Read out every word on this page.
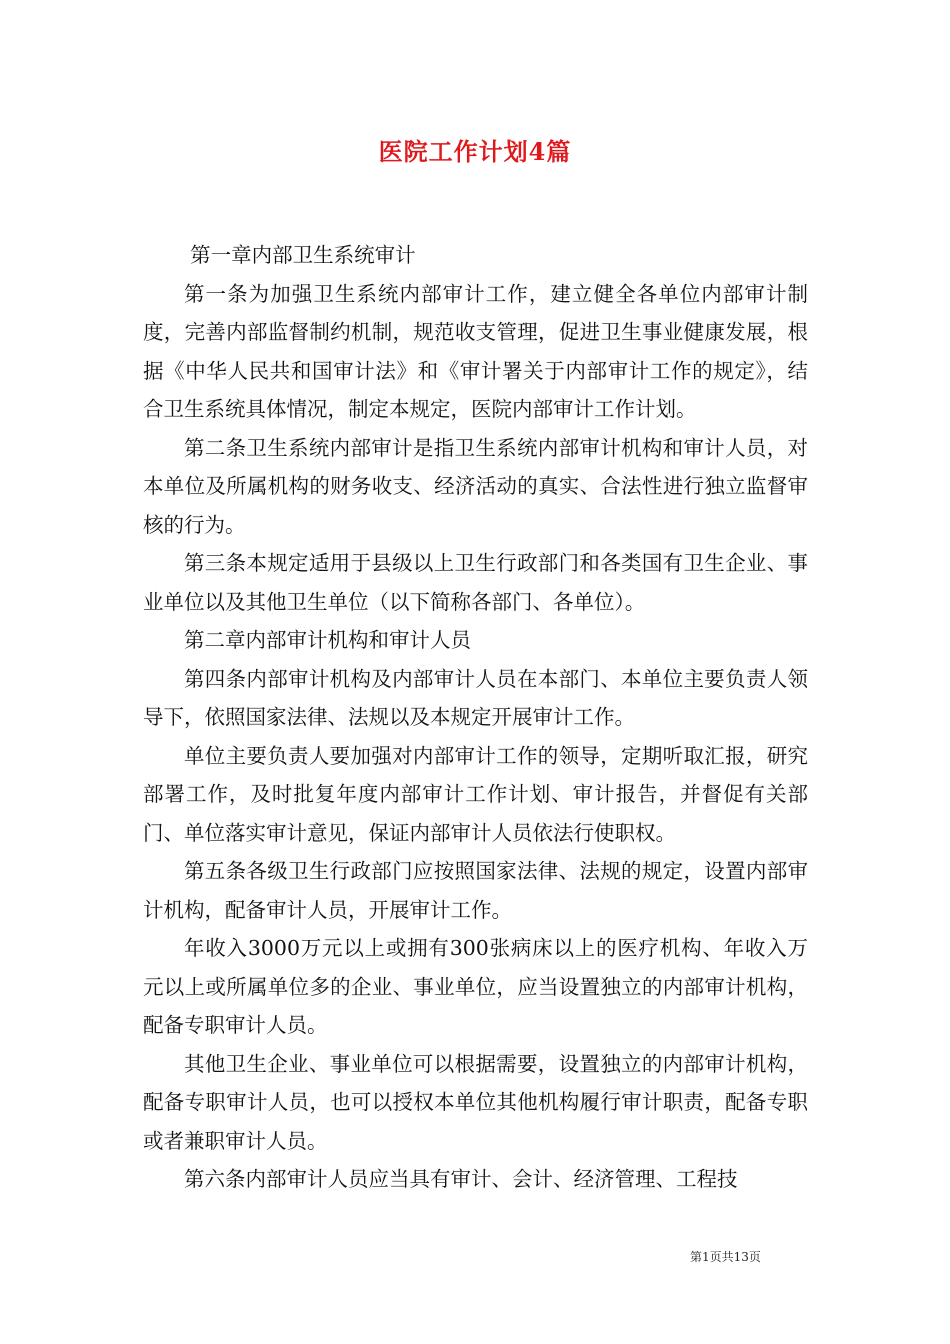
医院工作计划4篇

第一章内部卫生系统审计

第一条为加强卫生系统内部审计工作，建立健全各单位内部审计制度，完善内部监督制约机制，规范收支管理，促进卫生事业健康发展，根据《中华人民共和国审计法》和《审计署关于内部审计工作的规定》，结合卫生系统具体情况，制定本规定，医院内部审计工作计划。

第二条卫生系统内部审计是指卫生系统内部审计机构和审计人员，对本单位及所属机构的财务收支、经济活动的真实、合法性进行独立监督审核的行为。

第三条本规定适用于县级以上卫生行政部门和各类国有卫生企业、事业单位以及其他卫生单位（以下简称各部门、各单位）。

第二章内部审计机构和审计人员

第四条内部审计机构及内部审计人员在本部门、本单位主要负责人领导下，依照国家法律、法规以及本规定开展审计工作。

单位主要负责人要加强对内部审计工作的领导，定期听取汇报，研究部署工作，及时批复年度内部审计工作计划、审计报告，并督促有关部门、单位落实审计意见，保证内部审计人员依法行使职权。

第五条各级卫生行政部门应按照国家法律、法规的规定，设置内部审计机构，配备审计人员，开展审计工作。

年收入3000万元以上或拥有300张病床以上的医疗机构、年收入万元以上或所属单位多的企业、事业单位，应当设置独立的内部审计机构，配备专职审计人员。

其他卫生企业、事业单位可以根据需要，设置独立的内部审计机构，配备专职审计人员，也可以授权本单位其他机构履行审计职责，配备专职或者兼职审计人员。

第六条内部审计人员应当具有审计、会计、经济管理、工程技

第1页共13页
